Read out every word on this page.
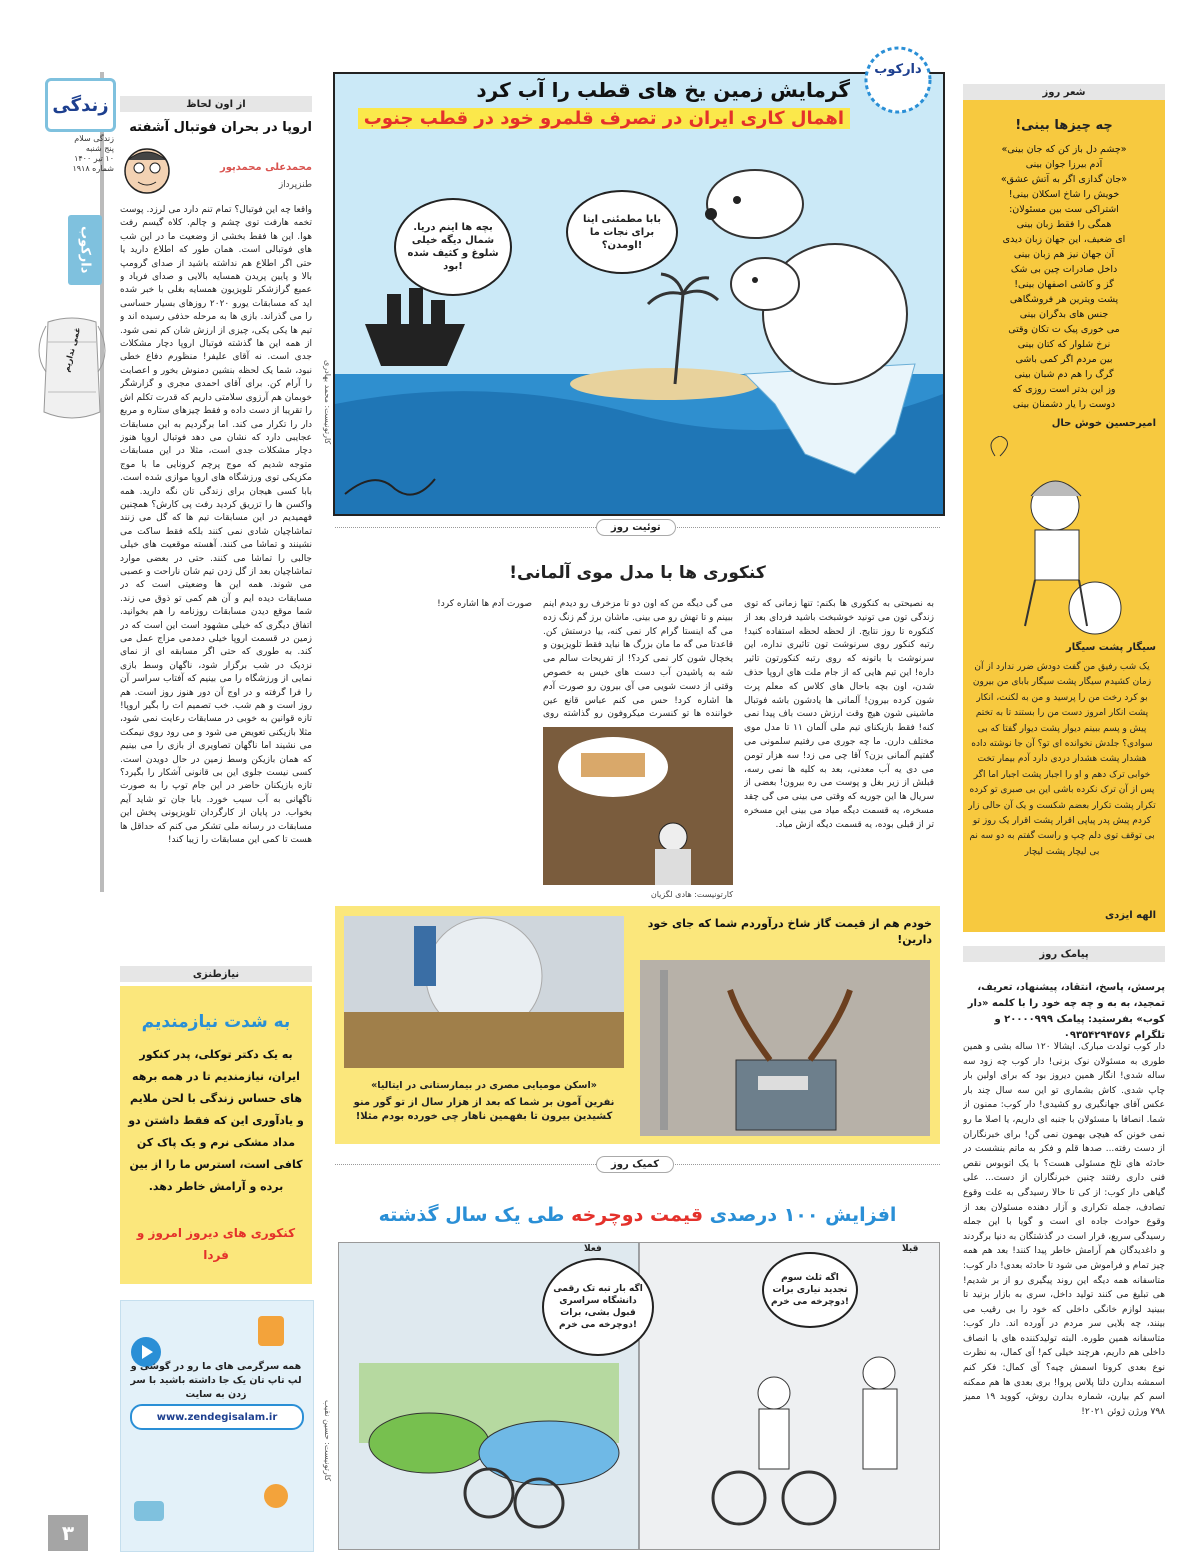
زندگی
زندگی سلام
پنج شنبه
۱۰ تیر ۱۴۰۰
شماره ۱۹۱۸
دارکوب
غمی نداریم
۳
از اون لحاظ
اروپا در بحران فوتبال آشفته
محمدعلی محمدپور
طنزپرداز
واقعا چه این فوتبال؟ تمام تنم دارد می لرزد. پوست تخمه هارفت توی چشم و چالم. کلاه گیسم رفت هوا. این ها فقط بخشی از وضعیت ما در این شب های فوتبالی است. همان طور که اطلاع دارید یا حتی اگر اطلاع هم نداشته باشید از صدای گرومپ بالا و پایین پریدن همسایه بالایی و صدای فریاد و عمیع گرازشکر تلویزیون همسایه بغلی با خبر شده اید که مسابقات یورو ۲۰۲۰ روزهای بسیار حساسی را می گذراند. بازی ها به مرحله حذفی رسیده اند و تیم ها یکی یکی، چیزی از ارزش شان کم نمی شود. از همه این ها گذشته فوتبال اروپا دچار مشکلات جدی است. نه آقای علیفر! منظورم دفاع خطی نبود، شما یک لحظه بنشین دمنوش بخور و اعصابت را آرام کن. برای آقای احمدی مجری و گزارشگر خوبمان هم آرزوی سلامتی داریم که قدرت تکلم اش را تقریبا از دست داده و فقط چیزهای ستاره و مربع دار را تکرار می کند. اما برگردیم به این مسابقات عجایبی دارد که نشان می دهد فوتبال اروپا هنوز دچار مشکلات جدی است، مثلا در این مسابقات متوجه شدیم که موج پرچم کرونایی ما با موج مکزیکی توی ورزشگاه های اروپا موازی شده است. بابا کسی هیجان برای زندگی تان نگه دارید. همه واکسن ها را تزریق کردید رفت پی کارش؟ همچنین فهمیدیم در این مسابقات تیم ها که گل می زنند تماشاچیان شادی نمی کنند بلکه فقط ساکت می نشینند و تماشا می کنند. آهسته موقعیت های خیلی جالبی را تماشا می کنند. حتی در بعضی موارد تماشاچیان بعد از گل زدن تیم شان ناراحت و عصبی می شوند. همه این ها وضعیتی است که در مسابقات دیده ایم و آن هم کمی تو ذوق می زند. شما موقع دیدن مسابقات روزنامه را هم بخوانید. اتفاق دیگری که خیلی مشهود است این است که در زمین در قسمت اروپا خیلی دمدمی مزاج عمل می کند. به طوری که حتی اگر مسابقه ای از نمای نزدیک در شب برگزار شود، ناگهان وسط بازی نمایی از ورزشگاه را می بینیم که آفتاب سراسر آن را فرا گرفته و در اوج آن دور هنوز روز است. هم روز است و هم شب. خب تصمیم ات را بگیر اروپا! تازه قوانین به خوبی در مسابقات رعایت نمی شود، مثلا بازیکنی تعویض می شود و می رود روی نیمکت می نشیند اما ناگهان تصاویری از بازی را می بینیم که همان بازیکن وسط زمین در حال دویدن است. کسی نیست جلوی این بی قانونی آشکار را بگیرد؟ تازه بازیکنان حاضر در این جام توپ را به صورت ناگهانی به آب سیب خورد. بابا جان تو شاید آیم بخواب. در پایان از کارگردان تلویزیونی پخش این مسابقات در رسانه ملی تشکر می کنم که حداقل ها هست تا کمی این مسابقات را زیبا کند!
نیازطنزی
به شدت نیازمندیم
به یک دکتر توکلی، پدر کنکور ایران، نیازمندیم تا در همه برهه های حساس زندگی با لحن ملایم و یادآوری این که فقط داشتن دو مداد مشکی نرم و یک پاک کن کافی است، استرس ما را از بین برده و آرامش خاطر دهد.
کنکوری های دیروز امروز و فردا
همه سرگرمی های ما رو در گوشی و لپ تاپ تان یک جا داشته باشید با سر زدن به سایت
www.zendegisalam.ir
دارکوب
گرمایش زمین یخ های قطب را آب کرد
اهمال کاری ایران در تصرف قلمرو خود در قطب جنوب
بچه ها اینم دریا. شمال دیگه خیلی شلوغ و کثیف شده بود!
بابا مطمئنی اینا برای نجات ما اومدن؟!
کارتونیست: محمد بهادری
توئیت روز
کنکوری ها با مدل موی آلمانی!
به نصیحتی به کنکوری ها بکنم: تنها زمانی که توی زندگی تون می تونید خوشبخت باشید فردای بعد از کنکوره تا روز نتایج. از لحظه لحظه استفاده کنید! رتبه کنکور روی سرنوشت تون تاثیری نداره، این سرنوشت با باتونه که روی رتبه کنکورتون تاثیر داره! این تیم هایی که از جام ملت های اروپا حذف شدن، اون بچه باحال های کلاس که معلم پرت شون کرده بیرون! آلمانی ها یادشون باشه فوتبال ماشینی شون هیچ وقت ارزش دست باف پیدا نمی کنه! فقط بازیکنای تیم ملی آلمان ۱۱ تا مدل موی مختلف دارن. ما چه جوری می رفتیم سلمونی می گفتیم آلمانی بزن؟ آقا چی می زد! سه هزار تومن می دی یه آب معدنی، بعد به کلیه ها نمی رسه، قبلش از زیر بغل و پوست می ره بیرون! بعضی از سریال ها این جوریه که وقتی می بینی می گی چقد مسخره، یه قسمت دیگه میاد می بینی این مسخره تر از قبلی بوده، یه قسمت دیگه ازش میاد.
می گی دیگه من که اون دو تا مزخرف رو دیدم اینم ببینم و تا تهش رو می بینی. ماشان برز گم زنگ زده می گه اینستا گرام کار نمی کنه، بیا درستش کن. قاعدتا می گه ما مان بزرگ ها نباید فقط تلویزیون و یخچال شون کار نمی کرد؟! از تفریحات سالم می شه به پاشیدن آب دست های خیس به خصوص وقتی از دست شویی می آی بیرون رو صورت آدم ها اشاره کرد! حس می کنم عباس قانع عین خواننده ها تو کنسرت میکروفون رو گذاشته روی
کارتونیست: هادی لگزیان
صورت آدم ها اشاره کرد!
«اسکن مومیایی مصری در بیمارستانی در ایتالیا»
نفرین آمون بر شما که بعد از هزار سال از تو گور منو کشیدین بیرون تا بفهمین ناهار چی خورده بودم مثلا!
خودم هم از قیمت گاز شاخ درآوردم شما که جای خود دارین!
کمیک روز
افزایش ۱۰۰ درصدی قیمت دوچرخه طی یک سال گذشته
قبلا
فعلا
اگه ثلث سوم تجدید نیاری برات دوچرخه می خرم!
اگه بار تبه تک رقمی دانشگاه سراسری قبول بشی، برات دوچرخه می خرم!
کارتونیست: حسین نقیب
شعر روز
چه چیزها بینی!
«چشم دل باز کن که جان بینی»
آدم بیرزا جوان بینی
«جان گدازی اگر به آتش عشق»
خویش را شاخ اسکلان بینی!
اشتراکی ست بین مسئولان:
همگی را فقط زبان بینی
ای ضعیف، این جهان زبان دیدی
آن جهان نیز هم زبان بینی
داخل صادرات چین بی شک
گز و کاشی اصفهان بینی!
پشت ویترین هر فروشگاهی
جنس های بدگران بینی
می خوری پیک ت تکان وقتی
نرخ شلوار که کتان بینی
بین مردم اگر کمی باشی
گرگ را هم دم شبان بینی
وز این بدتر است روزی که
دوست را یار دشمنان بینی
امیرحسین خوش حال
سیگار پشت سیگار
یک شب رفیق من گفت دودش ضرر ندارد از آن زمان کشیدم سیگار پشت سیگار بابای من بیرون بو کرد رخت من را پرسید و من به لکنت، انکار پشت انکار امروز دست من را بستند تا به تختم پیش و پسم ببینم دیوار پشت دیوار گفتا که بی سوادی؟ جلدش نخوانده ای تو؟ آن جا نوشته داده هشدار پشت هشدار دردی دارد آدم بیمار تخت خوابی ترک دهم و او را اجبار پشت اجبار اما اگر پس از آن ترک نکرده باشی این بی صبری تو کرده تکرار پشت تکرار بعضم شکست و یک آن حالی زار کردم پیش پدر پیاپی اقرار پشت اقرار یک روز تو بی توقف توی دلم چپ و راست گفتم به دو سه نم بی لیچار پشت لیچار
الهه ایزدی
پیامک روز
پرسش، پاسخ، انتقاد، پیشنهاد، تعریف، تمجید، به به و چه چه خود را با کلمه «دار کوب» بفرستید: پیامک ۲۰۰۰۰۹۹۹ و تلگرام ۰۹۳۵۴۲۹۴۵۷۶
دار کوب تولدت مبارک. ایشالا ۱۲۰ ساله بشی و همین طوری به مسئولان نوک بزنی! دار کوب چه زود سه ساله شدی! انگار همین دیروز بود که برای اولین بار چاپ شدی. کاش بشماری تو این سه سال چند بار عکس آقای جهانگیری رو کشیدی! دار کوب: ممنون از شما. انصافا با مسئولان با جنبه ای داریم، یا اصلا ما رو نمی خونن که هیچی بهمون نمی گن! برای خبرنگاران از دست رفته... صدها قلم و فکر به ماتم بنشست در حادثه های تلخ مسئولی هست؟ با یک اتوبوس نقص فنی داری رفتند چنین خبرنگاران از دست... علی گیاهی دار کوب: از کی تا حالا رسیدگی به علت وقوع تصادف، جمله تکراری و آزار دهنده مسئولان بعد از وقوع حوادث جاده ای است و گویا با این جمله رسیدگی سریع، قرار است در گذشتگان به دنیا برگردند و داغدیدگان هم آرامش خاطر پیدا کنند! بعد هم همه چیز تمام و فراموش می شود تا حادثه بعدی! دار کوب: متاسفانه همه دیگه این روند پیگیری رو از بر شدیم! هی تبلیغ می کنند تولید داخل، سری به بازار بزنید تا ببینید لوازم خانگی داخلی که خود را بی رقیب می بینند، چه بلایی سر مردم در آورده اند. دار کوب: متاسفانه همین طوره. البته تولیدکننده های با انصاف داخلی هم داریم، هرچند خیلی کم! آی کمال، به نظرت نوع بعدی کرونا اسمش چیه؟ آی کمال: فکر کنم اسمشه بدارن دلتا پلاس پروا! بری بعدی ها هم ممکنه اسم کم بیارن، شماره بدارن روش، کووید ۱۹ ممیز ۷۹۸ ورژن ژوئن ۲۰۲۱!
